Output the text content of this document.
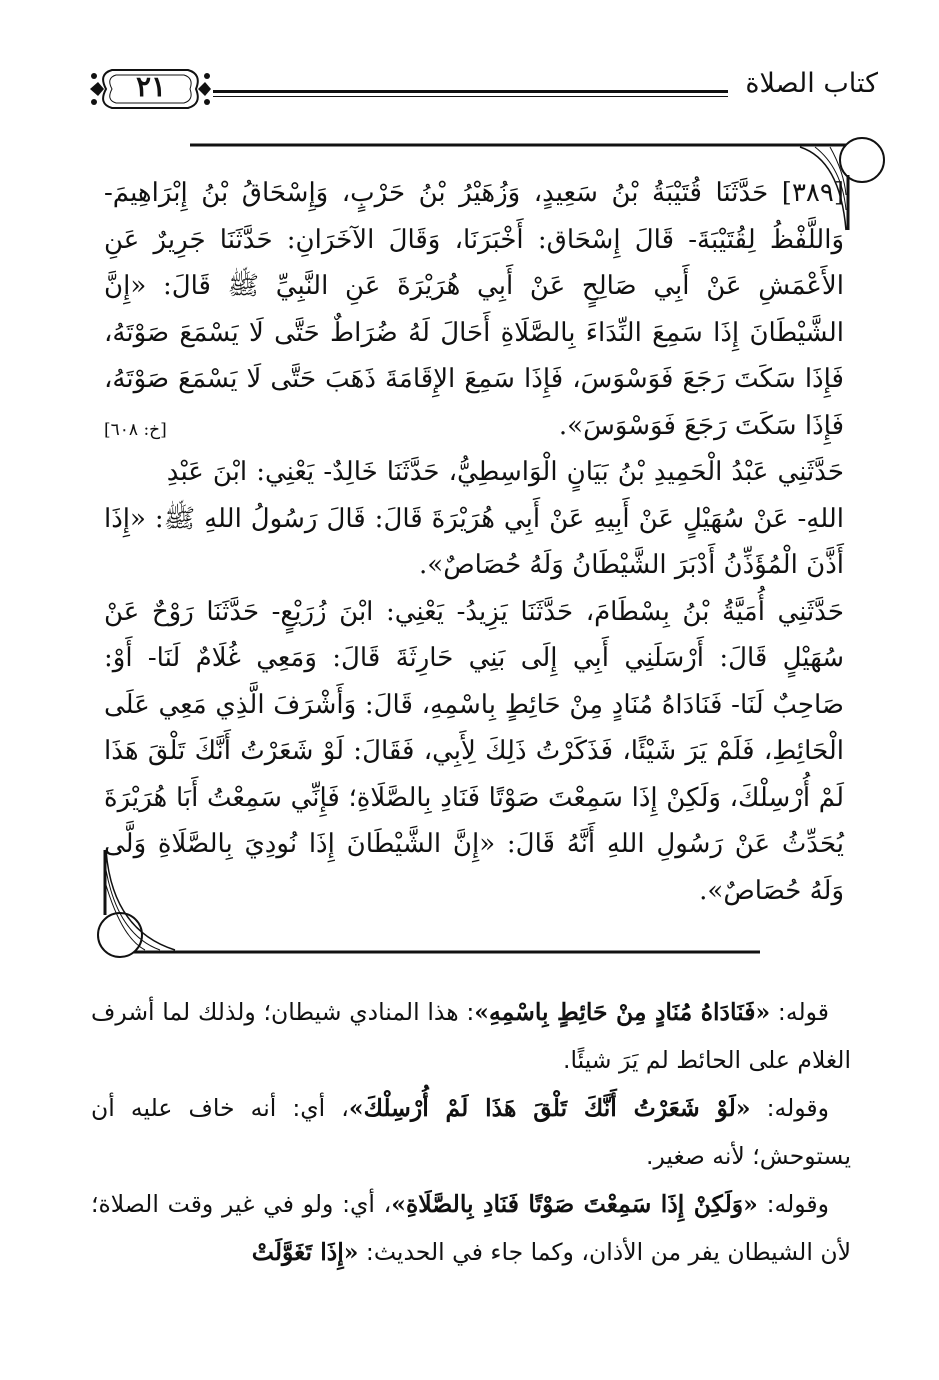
كتاب الصلاة
٢١

[٣٨٩] حَدَّثَنَا قُتَيْبَةُ بْنُ سَعِيدٍ، وَزُهَيْرُ بْنُ حَرْبٍ، وَإِسْحَاقُ بْنُ إِبْرَاهِيمَ- وَاللَّفْظُ لِقُتَيْبَةَ- قَالَ إِسْحَاق: أَخْبَرَنَا، وَقَالَ الآخَرَانِ: حَدَّثَنَا جَرِيرٌ عَنِ الأَعْمَشِ عَنْ أَبِي صَالِحٍ عَنْ أَبِي هُرَيْرَةَ عَنِ النَّبِيِّ ﷺ قَالَ: «إِنَّ الشَّيْطَانَ إِذَا سَمِعَ النِّدَاءَ بِالصَّلَاةِ أَحَالَ لَهُ ضُرَاطٌ حَتَّى لَا يَسْمَعَ صَوْتَهُ، فَإِذَا سَكَتَ رَجَعَ فَوَسْوَسَ، فَإِذَا سَمِعَ الإِقَامَةَ ذَهَبَ حَتَّى لَا يَسْمَعَ صَوْتَهُ، فَإِذَا سَكَتَ رَجَعَ فَوَسْوَسَ».
[خ: ٦٠٨]

حَدَّثَنِي عَبْدُ الْحَمِيدِ بْنُ بَيَانٍ الْوَاسِطِيُّ، حَدَّثَنَا خَالِدٌ- يَعْنِي: ابْنَ عَبْدِ اللهِ- عَنْ سُهَيْلٍ عَنْ أَبِيهِ عَنْ أَبِي هُرَيْرَةَ قَالَ: قَالَ رَسُولُ اللهِ ﷺ: «إِذَا أَذَّنَ الْمُؤَذِّنُ أَدْبَرَ الشَّيْطَانُ وَلَهُ حُصَاصٌ».

حَدَّثَنِي أُمَيَّةُ بْنُ بِسْطَامَ، حَدَّثَنَا يَزِيدُ- يَعْنِي: ابْنَ زُرَيْعٍ- حَدَّثَنَا رَوْحٌ عَنْ سُهَيْلٍ قَالَ: أَرْسَلَنِي أَبِي إِلَى بَنِي حَارِثَةَ قَالَ: وَمَعِي غُلَامٌ لَنَا- أَوْ: صَاحِبٌ لَنَا- فَنَادَاهُ مُنَادٍ مِنْ حَائِطٍ بِاسْمِهِ، قَالَ: وَأَشْرَفَ الَّذِي مَعِي عَلَى الْحَائِطِ، فَلَمْ يَرَ شَيْئًا، فَذَكَرْتُ ذَلِكَ لِأَبِي، فَقَالَ: لَوْ شَعَرْتُ أَنَّكَ تَلْقَ هَذَا لَمْ أُرْسِلْكَ، وَلَكِنْ إِذَا سَمِعْتَ صَوْتًا فَنَادِ بِالصَّلَاةِ؛ فَإِنِّي سَمِعْتُ أَبَا هُرَيْرَةَ يُحَدِّثُ عَنْ رَسُولِ اللهِ أَنَّهُ قَالَ: «إِنَّ الشَّيْطَانَ إِذَا نُودِيَ بِالصَّلَاةِ وَلَّى وَلَهُ حُصَاصٌ».

قوله: «فَنَادَاهُ مُنَادٍ مِنْ حَائِطٍ بِاسْمِهِ»: هذا المنادي شيطان؛ ولذلك لما أشرف الغلام على الحائط لم يَرَ شيئًا.

وقوله: «لَوْ شَعَرْتُ أَنَّكَ تَلْقَ هَذَا لَمْ أُرْسِلْكَ»، أي: أنه خاف عليه أن يستوحش؛ لأنه صغير.

وقوله: «وَلَكِنْ إِذَا سَمِعْتَ صَوْتًا فَنَادِ بِالصَّلَاةِ»، أي: ولو في غير وقت الصلاة؛ لأن الشيطان يفر من الأذان، وكما جاء في الحديث: «إِذَا تَغَوَّلَتْ
